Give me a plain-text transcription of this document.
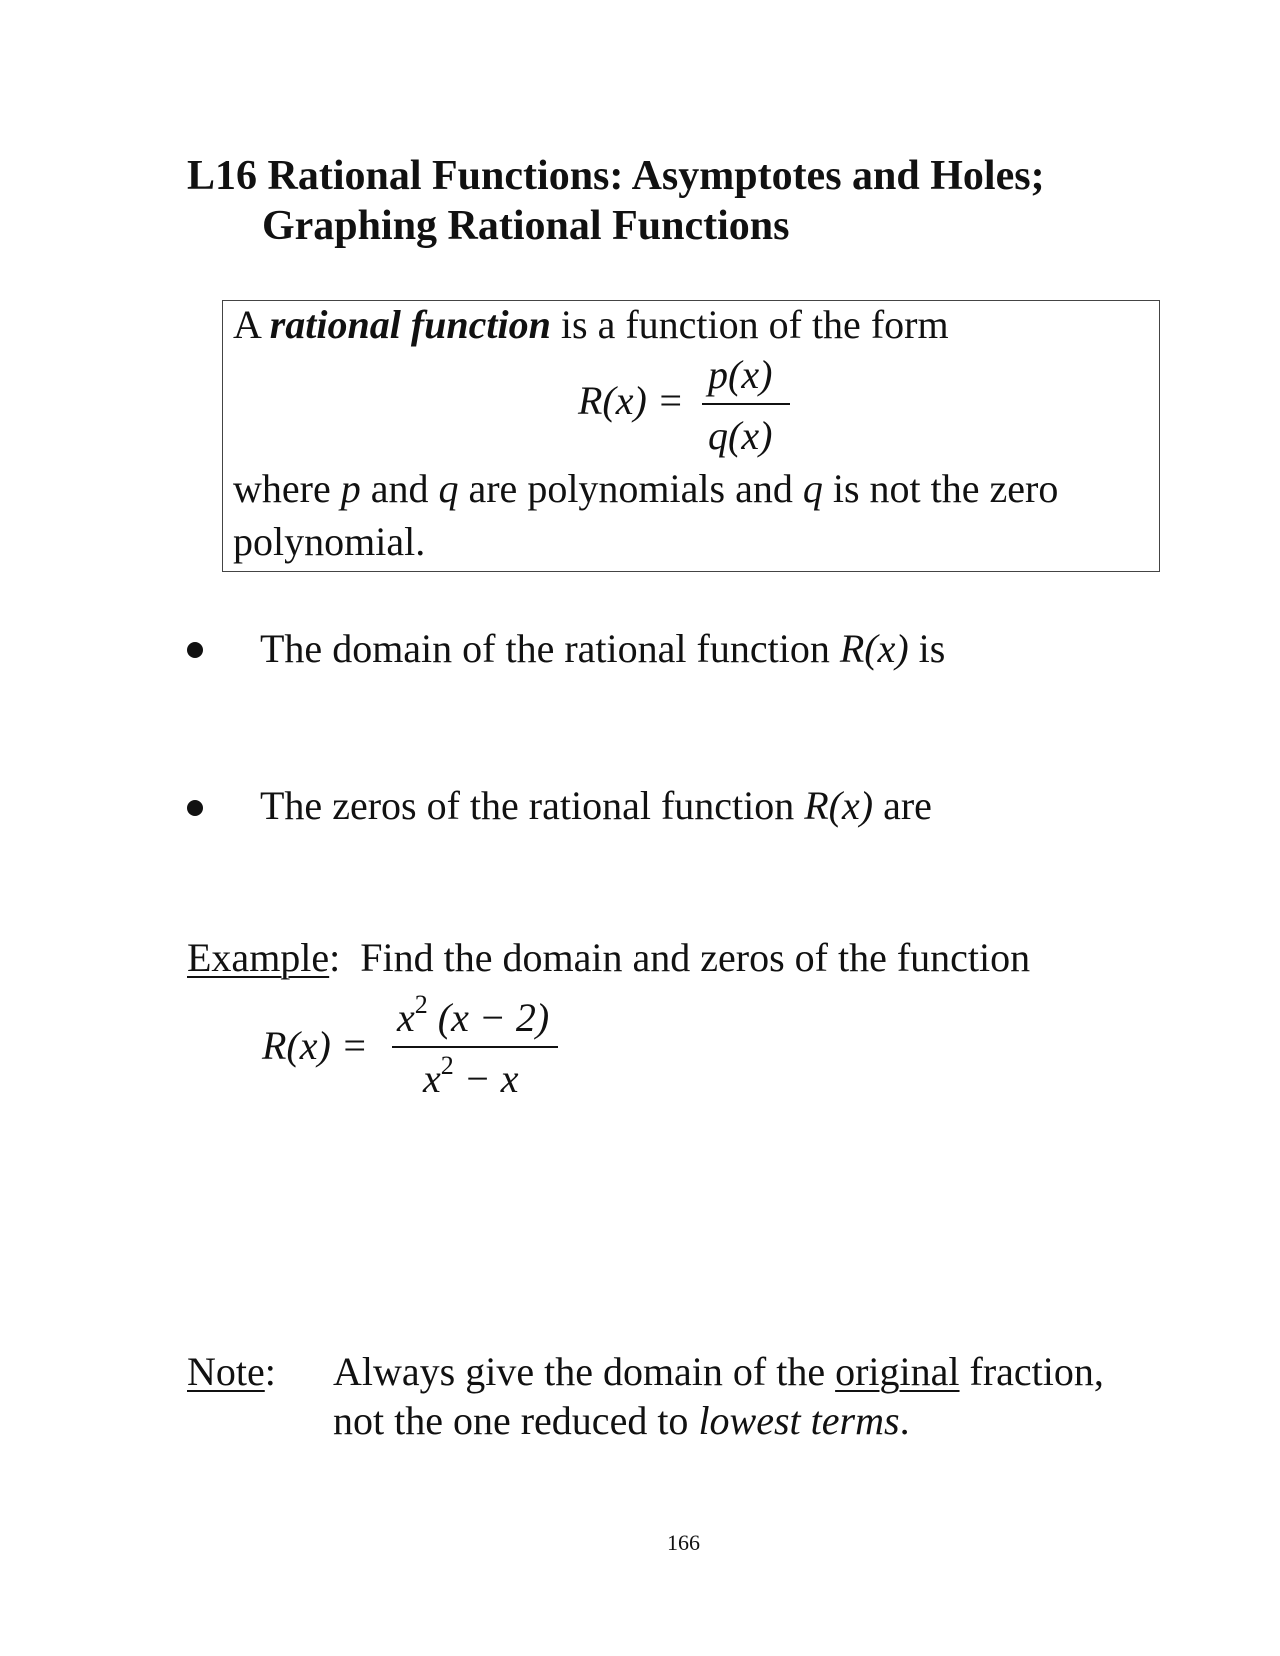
L16 Rational Functions: Asymptotes and Holes;
Graphing Rational Functions
A rational function is a function of the form
R(x) =
p(x)
q(x)
where p and q are polynomials and q is not the zero
polynomial.
The domain of the rational function R(x) is
The zeros of the rational function R(x) are
Example: Find the domain and zeros of the function
R(x) =
$x^2$ (x − 2)
$x^2 - x$
Note: Always give the domain of the original fraction,
not the one reduced to lowest terms.
166
